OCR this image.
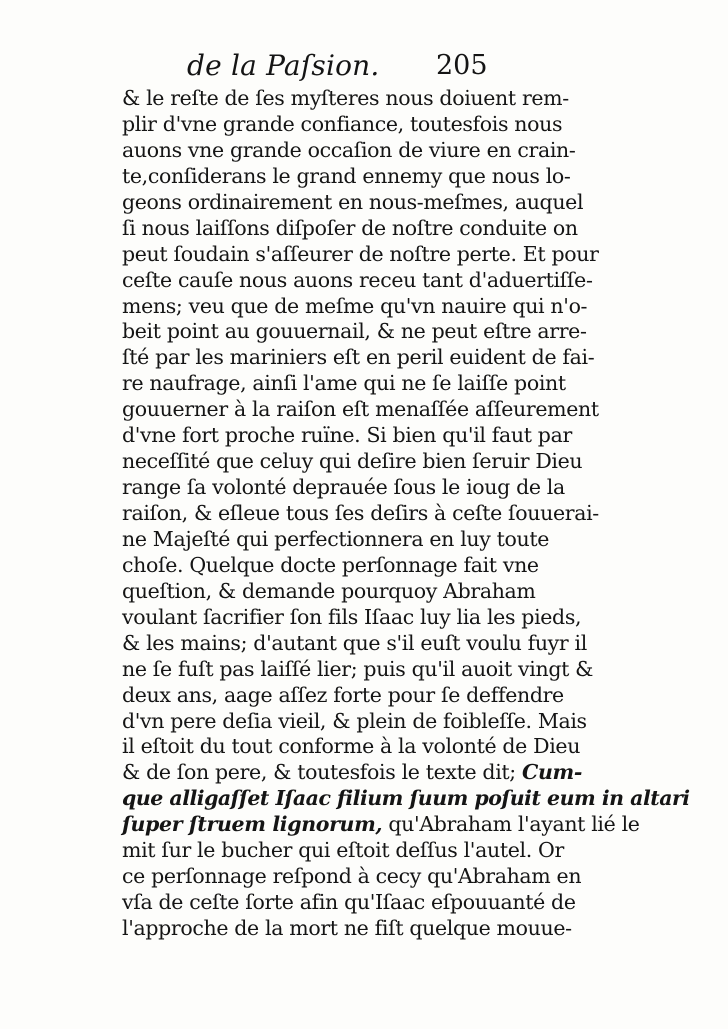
de la Paſsion. 205
& le reſte de ſes myſteres nous doiuent rem-
plir d'vne grande confiance, toutesfois nous
auons vne grande occaſion de viure en crain-
te,conſiderans le grand ennemy que nous lo-
geons ordinairement en nous-meſmes, auquel
ſi nous laiſſons diſpoſer de noſtre conduite on
peut ſoudain s'aſſeurer de noſtre perte. Et pour
ceſte cauſe nous auons receu tant d'aduertiſſe-
mens; veu que de meſme qu'vn nauire qui n'o-
beit point au gouuernail, & ne peut eſtre arre-
ſté par les mariniers eſt en peril euident de fai-
re naufrage, ainſi l'ame qui ne ſe laiſſe point
gouuerner à la raiſon eſt menaſſée aſſeurement
d'vne fort proche ruïne. Si bien qu'il faut par
neceſſité que celuy qui deſire bien ſeruir Dieu
range ſa volonté deprauée ſous le ioug de la
raiſon, & eſleue tous ſes deſirs à ceſte ſouuerai-
ne Majeſté qui perfectionnera en luy toute
choſe. Quelque docte perſonnage fait vne
queſtion, & demande pourquoy Abraham
voulant ſacrifier ſon fils Iſaac luy lia les pieds,
& les mains; d'autant que s'il euſt voulu fuyr il
ne ſe fuſt pas laiſſé lier; puis qu'il auoit vingt &
deux ans, aage aſſez forte pour ſe deffendre
d'vn pere deſia vieil, & plein de foibleſſe. Mais
il eſtoit du tout conforme à la volonté de Dieu
& de ſon pere, & toutesfois le texte dit; Cum-
que alligaſſet Iſaac filium ſuum poſuit eum in altari
ſuper ſtruem lignorum, qu'Abraham l'ayant lié le
mit ſur le bucher qui eſtoit deſſus l'autel. Or
ce perſonnage reſpond à cecy qu'Abraham en
vſa de ceſte ſorte afin qu'Iſaac eſpouuanté de
l'approche de la mort ne fiſt quelque mouue-
